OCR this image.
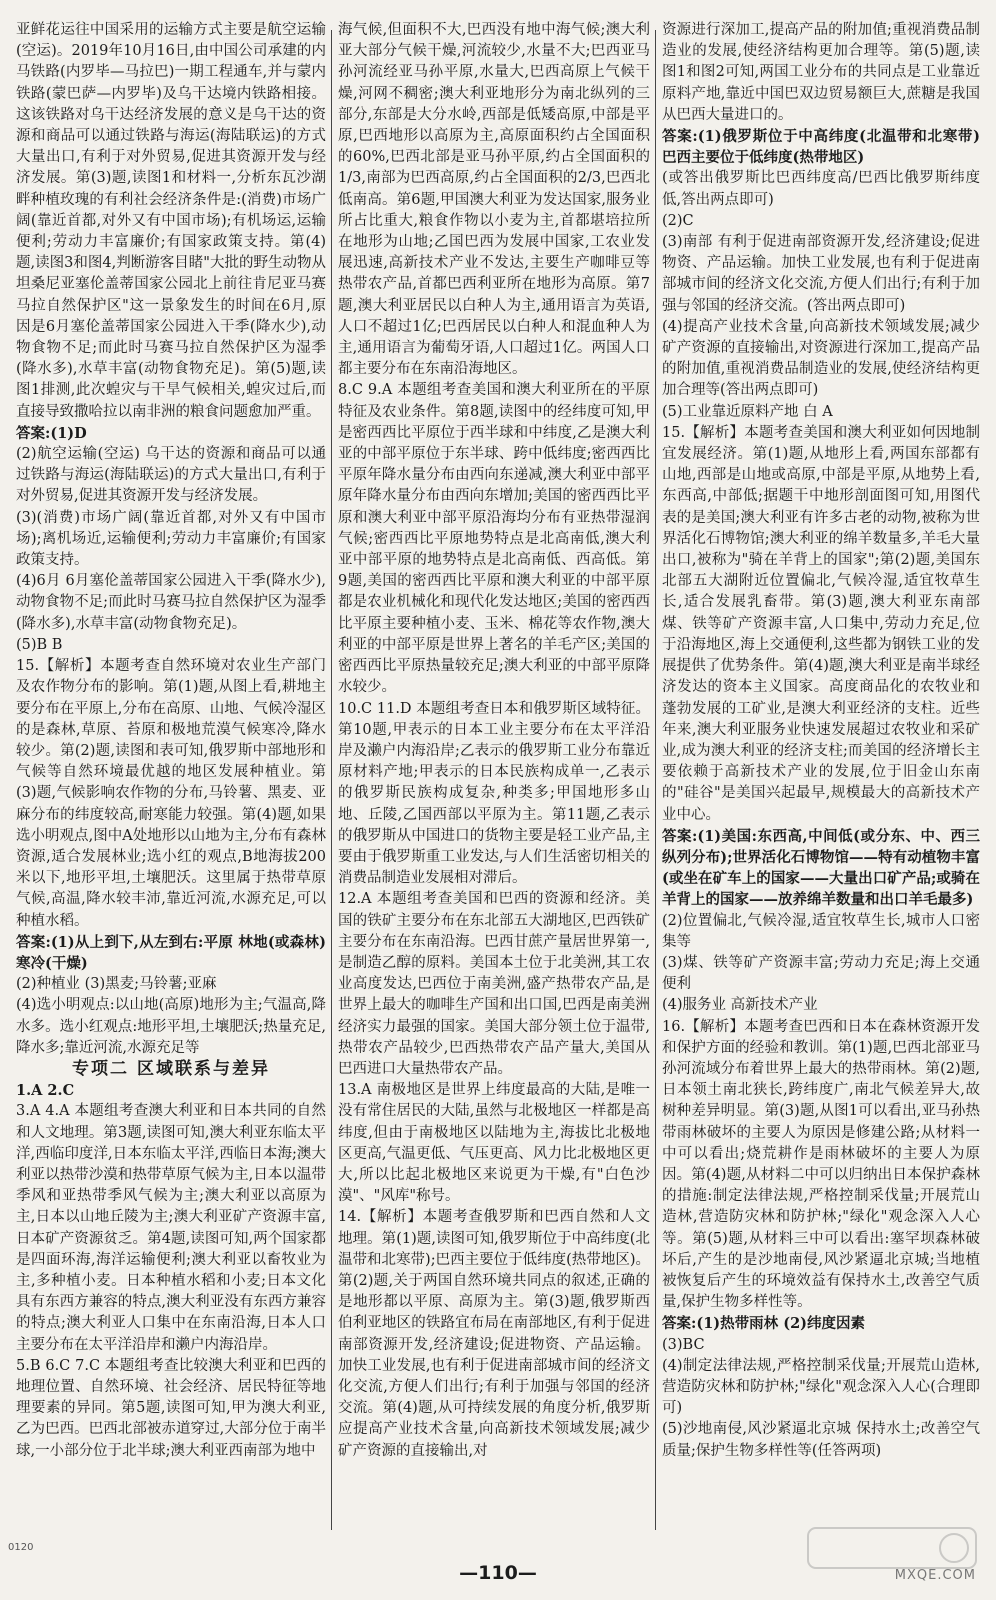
亚鲜花运往中国采用的运输方式主要是航空运输(空运)。2019年10月16日,由中国公司承建的内马铁路(内罗毕—马拉巴)一期工程通车,并与蒙内铁路(蒙巴萨—内罗毕)及乌干达境内铁路相接。这该铁路对乌干达经济发展的意义是乌干达的资源和商品可以通过铁路与海运(海陆联运)的方式大量出口,有利于对外贸易,促进其资源开发与经济发展。第(3)题,读图1和材料一,分析东瓦沙湖畔种植玫瑰的有利社会经济条件是:(消费)市场广阔(靠近首都,对外又有中国市场);有机场运,运输便利;劳动力丰富廉价;有国家政策支持。第(4)题,读图3和图4,判断游客目睹"大批的野生动物从坦桑尼亚塞伦盖蒂国家公园北上前往肯尼亚马赛马拉自然保护区"这一景象发生的时间在6月,原因是6月塞伦盖蒂国家公园进入干季(降水少),动物食物不足;而此时马赛马拉自然保护区为湿季(降水多),水草丰富(动物食物充足)。第(5)题,读图1排测,此次蝗灾与干旱气候相关,蝗灾过后,而直接导致撒哈拉以南非洲的粮食问题愈加严重。

答案:(1)D

(2)航空运输(空运) 乌干达的资源和商品可以通过铁路与海运(海陆联运)的方式大量出口,有利于对外贸易,促进其资源开发与经济发展。

(3)(消费)市场广阔(靠近首都,对外又有中国市场);离机场近,运输便利;劳动力丰富廉价;有国家政策支持。

(4)6月 6月塞伦盖蒂国家公园进入干季(降水少),动物食物不足;而此时马赛马拉自然保护区为湿季(降水多),水草丰富(动物食物充足)。

(5)B B

15.【解析】本题考查自然环境对农业生产部门及农作物分布的影响。第(1)题,从图上看,耕地主要分布在平原上,分布在高原、山地、气候冷湿区的是森林,草原、苔原和极地荒漠气候寒冷,降水较少。第(2)题,读图和表可知,俄罗斯中部地形和气候等自然环境最优越的地区发展种植业。第(3)题,气候影响农作物的分布,马铃薯、黑麦、亚麻分布的纬度较高,耐寒能力较强。第(4)题,如果选小明观点,图中A处地形以山地为主,分布有森林资源,适合发展林业;选小红的观点,B地海拔200米以下,地形平坦,土壤肥沃。这里属于热带草原气候,高温,降水较丰沛,靠近河流,水源充足,可以种植水稻。

答案:(1)从上到下,从左到右:平原 林地(或森林) 寒冷(干燥)

(2)种植业 (3)黑麦;马铃薯;亚麻

(4)选小明观点:以山地(高原)地形为主;气温高,降水多。选小红观点:地形平坦,土壤肥沃;热量充足,降水多;靠近河流,水源充足等

专项二 区域联系与差异

1.A 2.C

3.A 4.A 本题组考查澳大利亚和日本共同的自然和人文地理。第3题,读图可知,澳大利亚东临太平洋,西临印度洋,日本东临太平洋,西临日本海;澳大利亚以热带沙漠和热带草原气候为主,日本以温带季风和亚热带季风气候为主;澳大利亚以高原为主,日本以山地丘陵为主;澳大利亚矿产资源丰富,日本矿产资源贫乏。第4题,读图可知,两个国家都是四面环海,海洋运输便利;澳大利亚以畜牧业为主,多种植小麦。日本种植水稻和小麦;日本文化具有东西方兼容的特点,澳大利亚没有东西方兼容的特点;澳大利亚人口集中在东南沿海,日本人口主要分布在太平洋沿岸和濑户内海沿岸。

5.B 6.C 7.C 本题组考查比较澳大利亚和巴西的地理位置、自然环境、社会经济、居民特征等地理要素的异同。第5题,读图可知,甲为澳大利亚,乙为巴西。巴西北部被赤道穿过,大部分位于南半球,一小部分位于北半球;澳大利亚西南部为地中

海气候,但面积不大,巴西没有地中海气候;澳大利亚大部分气候干燥,河流较少,水量不大;巴西亚马孙河流经亚马孙平原,水量大,巴西高原上气候干燥,河网不稠密;澳大利亚地形分为南北纵列的三部分,东部是大分水岭,西部是低矮高原,中部是平原,巴西地形以高原为主,高原面积约占全国面积的60%,巴西北部是亚马孙平原,约占全国面积的1/3,南部为巴西高原,约占全国面积的2/3,巴西北低南高。第6题,甲国澳大利亚为发达国家,服务业所占比重大,粮食作物以小麦为主,首都堪培拉所在地形为山地;乙国巴西为发展中国家,工农业发展迅速,高新技术产业不发达,主要生产咖啡豆等热带农产品,首都巴西利亚所在地形为高原。第7题,澳大利亚居民以白种人为主,通用语言为英语,人口不超过1亿;巴西居民以白种人和混血种人为主,通用语言为葡萄牙语,人口超过1亿。两国人口都主要分布在东南沿海地区。

8.C 9.A 本题组考查美国和澳大利亚所在的平原特征及农业条件。第8题,读图中的经纬度可知,甲是密西西比平原位于西半球和中纬度,乙是澳大利亚的中部平原位于东半球、跨中低纬度;密西西比平原年降水量分布由西向东递减,澳大利亚中部平原年降水量分布由西向东增加;美国的密西西比平原和澳大利亚中部平原沿海均分布有亚热带湿润气候;密西西比平原地势特点是北高南低,澳大利亚中部平原的地势特点是北高南低、西高低。第9题,美国的密西西比平原和澳大利亚的中部平原都是农业机械化和现代化发达地区;美国的密西西比平原主要种植小麦、玉米、棉花等农作物,澳大利亚的中部平原是世界上著名的羊毛产区;美国的密西西比平原热量较充足;澳大利亚的中部平原降水较少。

10.C 11.D 本题组考查日本和俄罗斯区域特征。第10题,甲表示的日本工业主要分布在太平洋沿岸及濑户内海沿岸;乙表示的俄罗斯工业分布靠近原材料产地;甲表示的日本民族构成单一,乙表示的俄罗斯民族构成复杂,种类多;甲国地形多山地、丘陵,乙国西部以平原为主。第11题,乙表示的俄罗斯从中国进口的货物主要是轻工业产品,主要由于俄罗斯重工业发达,与人们生活密切相关的消费品制造业发展相对滞后。

12.A 本题组考查美国和巴西的资源和经济。美国的铁矿主要分布在东北部五大湖地区,巴西铁矿主要分布在东南沿海。巴西甘蔗产量居世界第一,是制造乙醇的原料。美国本土位于北美洲,其工农业高度发达,巴西位于南美洲,盛产热带农产品,是世界上最大的咖啡生产国和出口国,巴西是南美洲经济实力最强的国家。美国大部分领土位于温带,热带农产品较少,巴西热带农产品产量大,美国从巴西进口大量热带农产品。

13.A 南极地区是世界上纬度最高的大陆,是唯一没有常住居民的大陆,虽然与北极地区一样都是高纬度,但由于南极地区以陆地为主,海拔比北极地区更高,气温更低、气压更高、风力比北极地区更大,所以比起北极地区来说更为干燥,有"白色沙漠"、"风库"称号。

14.【解析】本题考查俄罗斯和巴西自然和人文地理。第(1)题,读图可知,俄罗斯位于中高纬度(北温带和北寒带);巴西主要位于低纬度(热带地区)。第(2)题,关于两国自然环境共同点的叙述,正确的是地形都以平原、高原为主。第(3)题,俄罗斯西伯利亚地区的铁路宜布局在南部地区,有利于促进南部资源开发,经济建设;促进物资、产品运输。加快工业发展,也有利于促进南部城市间的经济文化交流,方便人们出行;有利于加强与邻国的经济交流。第(4)题,从可持续发展的角度分析,俄罗斯应提高产业技术含量,向高新技术领域发展;减少矿产资源的直接输出,对

资源进行深加工,提高产品的附加值;重视消费品制造业的发展,使经济结构更加合理等。第(5)题,读图1和图2可知,两国工业分布的共同点是工业靠近原料产地,靠近中国巴双边贸易额巨大,蔗糖是我国从巴西大量进口的。

答案:(1)俄罗斯位于中高纬度(北温带和北寒带) 巴西主要位于低纬度(热带地区)

(或答出俄罗斯比巴西纬度高/巴西比俄罗斯纬度低,答出两点即可)

(2)C

(3)南部 有利于促进南部资源开发,经济建设;促进物资、产品运输。加快工业发展,也有利于促进南部城市间的经济文化交流,方便人们出行;有利于加强与邻国的经济交流。(答出两点即可)

(4)提高产业技术含量,向高新技术领域发展;减少矿产资源的直接输出,对资源进行深加工,提高产品的附加值,重视消费品制造业的发展,使经济结构更加合理等(答出两点即可)

(5)工业靠近原料产地 白 A

15.【解析】本题考查美国和澳大利亚如何因地制宜发展经济。第(1)题,从地形上看,两国东部都有山地,西部是山地或高原,中部是平原,从地势上看,东西高,中部低;据题干中地形剖面图可知,用图代表的是美国;澳大利亚有许多古老的动物,被称为世界活化石博物馆;澳大利亚的绵羊数量多,羊毛大量出口,被称为"骑在羊背上的国家";第(2)题,美国东北部五大湖附近位置偏北,气候冷湿,适宜牧草生长,适合发展乳畜带。第(3)题,澳大利亚东南部煤、铁等矿产资源丰富,人口集中,劳动力充足,位于沿海地区,海上交通便利,这些都为钢铁工业的发展提供了优势条件。第(4)题,澳大利亚是南半球经济发达的资本主义国家。高度商品化的农牧业和蓬勃发展的工矿业,是澳大利亚经济的支柱。近些年来,澳大利亚服务业快速发展超过农牧业和采矿业,成为澳大利亚的经济支柱;而美国的经济增长主要依赖于高新技术产业的发展,位于旧金山东南的"硅谷"是美国兴起最早,规模最大的高新技术产业中心。

答案:(1)美国:东西高,中间低(或分东、中、西三纵列分布);世界活化石博物馆——特有动植物丰富(或坐在矿车上的国家——大量出口矿产品;或骑在羊背上的国家——放养绵羊数量和出口羊毛最多)

(2)位置偏北,气候冷湿,适宜牧草生长,城市人口密集等

(3)煤、铁等矿产资源丰富;劳动力充足;海上交通便利

(4)服务业 高新技术产业

16.【解析】本题考查巴西和日本在森林资源开发和保护方面的经验和教训。第(1)题,巴西北部亚马孙河流域分布着世界上最大的热带雨林。第(2)题,日本领土南北狭长,跨纬度广,南北气候差异大,故树种差异明显。第(3)题,从图1可以看出,亚马孙热带雨林破坏的主要人为原因是修建公路;从材料一中可以看出;烧荒耕作是雨林破坏的主要人为原因。第(4)题,从材料二中可以归纳出日本保护森林的措施:制定法律法规,严格控制采伐量;开展荒山造林,营造防灾林和防护林;"绿化"观念深入人心等。第(5)题,从材料三中可以看出:塞罕坝森林破坏后,产生的是沙地南侵,风沙紧逼北京城;当地植被恢复后产生的环境效益有保持水土,改善空气质量,保护生物多样性等。

答案:(1)热带雨林 (2)纬度因素

(3)BC

(4)制定法律法规,严格控制采伐量;开展荒山造林,营造防灾林和防护林;"绿化"观念深入人心(合理即可)

(5)沙地南侵,风沙紧逼北京城 保持水土;改善空气质量;保护生物多样性等(任答两项)

0120
—110—	MXQE.COM
